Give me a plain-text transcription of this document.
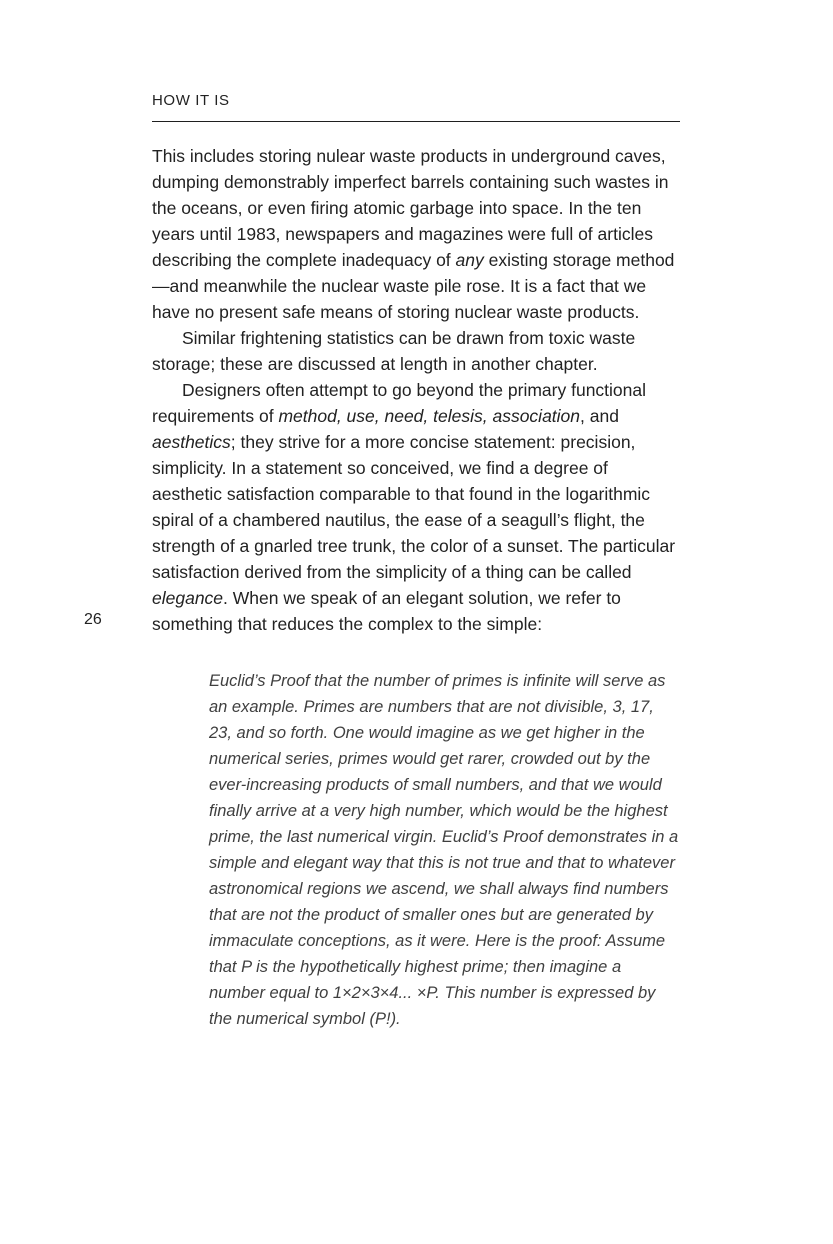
26
HOW IT IS

This includes storing nulear waste products in underground caves, dumping demonstrably imperfect barrels containing such wastes in the oceans, or even firing atomic garbage into space. In the ten years until 1983, newspapers and magazines were full of articles describing the complete inadequacy of any existing storage method—and meanwhile the nuclear waste pile rose. It is a fact that we have no present safe means of storing nuclear waste products.

Similar frightening statistics can be drawn from toxic waste storage; these are discussed at length in another chapter.

Designers often attempt to go beyond the primary functional requirements of method, use, need, telesis, association, and aesthetics; they strive for a more concise statement: precision, simplicity. In a statement so conceived, we find a degree of aesthetic satisfaction comparable to that found in the logarithmic spiral of a chambered nautilus, the ease of a seagull’s flight, the strength of a gnarled tree trunk, the color of a sunset. The particular satisfaction derived from the simplicity of a thing can be called elegance. When we speak of an elegant solution, we refer to something that reduces the complex to the simple:

Euclid’s Proof that the number of primes is infinite will serve as an example. Primes are numbers that are not divisible, 3, 17, 23, and so forth. One would imagine as we get higher in the numerical series, primes would get rarer, crowded out by the ever-increasing products of small numbers, and that we would finally arrive at a very high number, which would be the highest prime, the last numerical virgin. Euclid’s Proof demonstrates in a simple and elegant way that this is not true and that to whatever astronomical regions we ascend, we shall always find numbers that are not the product of smaller ones but are generated by immaculate conceptions, as it were. Here is the proof: Assume that P is the hypothetically highest prime; then imagine a number equal to 1×2×3×4... ×P. This number is expressed by the numerical symbol (P!).
